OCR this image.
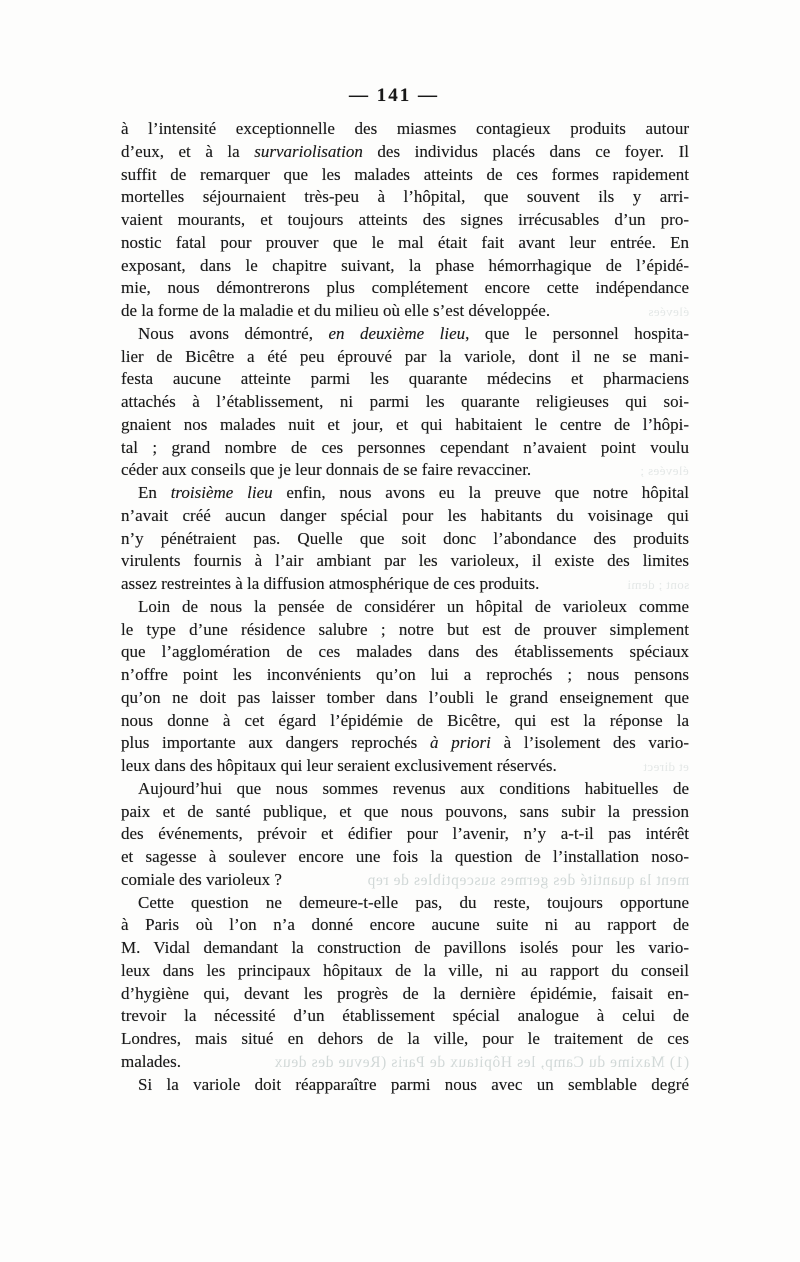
— 141 —
à l’intensité exceptionnelle des miasmes contagieux produits autour
d’eux, et à la survariolisation des individus placés dans ce foyer. Il
suffit de remarquer que les malades atteints de ces formes rapidement
mortelles séjournaient très-peu à l’hôpital, que souvent ils y arri-
vaient mourants, et toujours atteints des signes irrécusables d’un pro-
nostic fatal pour prouver que le mal était fait avant leur entrée. En
exposant, dans le chapitre suivant, la phase hémorrhagique de l’épidé-
mie, nous démontrerons plus complétement encore cette indépendance
de la forme de la maladie et du milieu où elle s’est développée.	élevées
Nous avons démontré, en deuxième lieu, que le personnel hospita-
lier de Bicêtre a été peu éprouvé par la variole, dont il ne se mani-
festa aucune atteinte parmi les quarante médecins et pharmaciens
attachés à l’établissement, ni parmi les quarante religieuses qui soi-
gnaient nos malades nuit et jour, et qui habitaient le centre de l’hôpi-
tal ; grand nombre de ces personnes cependant n’avaient point voulu
céder aux conseils que je leur donnais de se faire revacciner.	élevées ;
En troisième lieu enfin, nous avons eu la preuve que notre hôpital
n’avait créé aucun danger spécial pour les habitants du voisinage qui
n’y pénétraient pas. Quelle que soit donc l’abondance des produits
virulents fournis à l’air ambiant par les varioleux, il existe des limites
assez restreintes à la diffusion atmosphérique de ces produits.	sont ; demi
Loin de nous la pensée de considérer un hôpital de varioleux comme
le type d’une résidence salubre ; notre but est de prouver simplement
que l’agglomération de ces malades dans des établissements spéciaux
n’offre point les inconvénients qu’on lui a reprochés ; nous pensons
qu’on ne doit pas laisser tomber dans l’oubli le grand enseignement que
nous donne à cet égard l’épidémie de Bicêtre, qui est la réponse la
plus importante aux dangers reprochés à priori à l’isolement des vario-
leux dans des hôpitaux qui leur seraient exclusivement réservés.	et direct
Aujourd’hui que nous sommes revenus aux conditions habituelles de
paix et de santé publique, et que nous pouvons, sans subir la pression
des événements, prévoir et édifier pour l’avenir, n’y a-t-il pas intérêt
et sagesse à soulever encore une fois la question de l’installation noso-
comiale des varioleux ?	ment la quantité des germes susceptibles de rep
Cette question ne demeure-t-elle pas, du reste, toujours opportune
à Paris où l’on n’a donné encore aucune suite ni au rapport de
M. Vidal demandant la construction de pavillons isolés pour les vario-
leux dans les principaux hôpitaux de la ville, ni au rapport du conseil
d’hygiène qui, devant les progrès de la dernière épidémie, faisait en-
trevoir la nécessité d’un établissement spécial analogue à celui de
Londres, mais situé en dehors de la ville, pour le traitement de ces
malades.	(1) Maxime du Camp, les Hôpitaux de Paris (Revue des deux
Si la variole doit réapparaître parmi nous avec un semblable degré
